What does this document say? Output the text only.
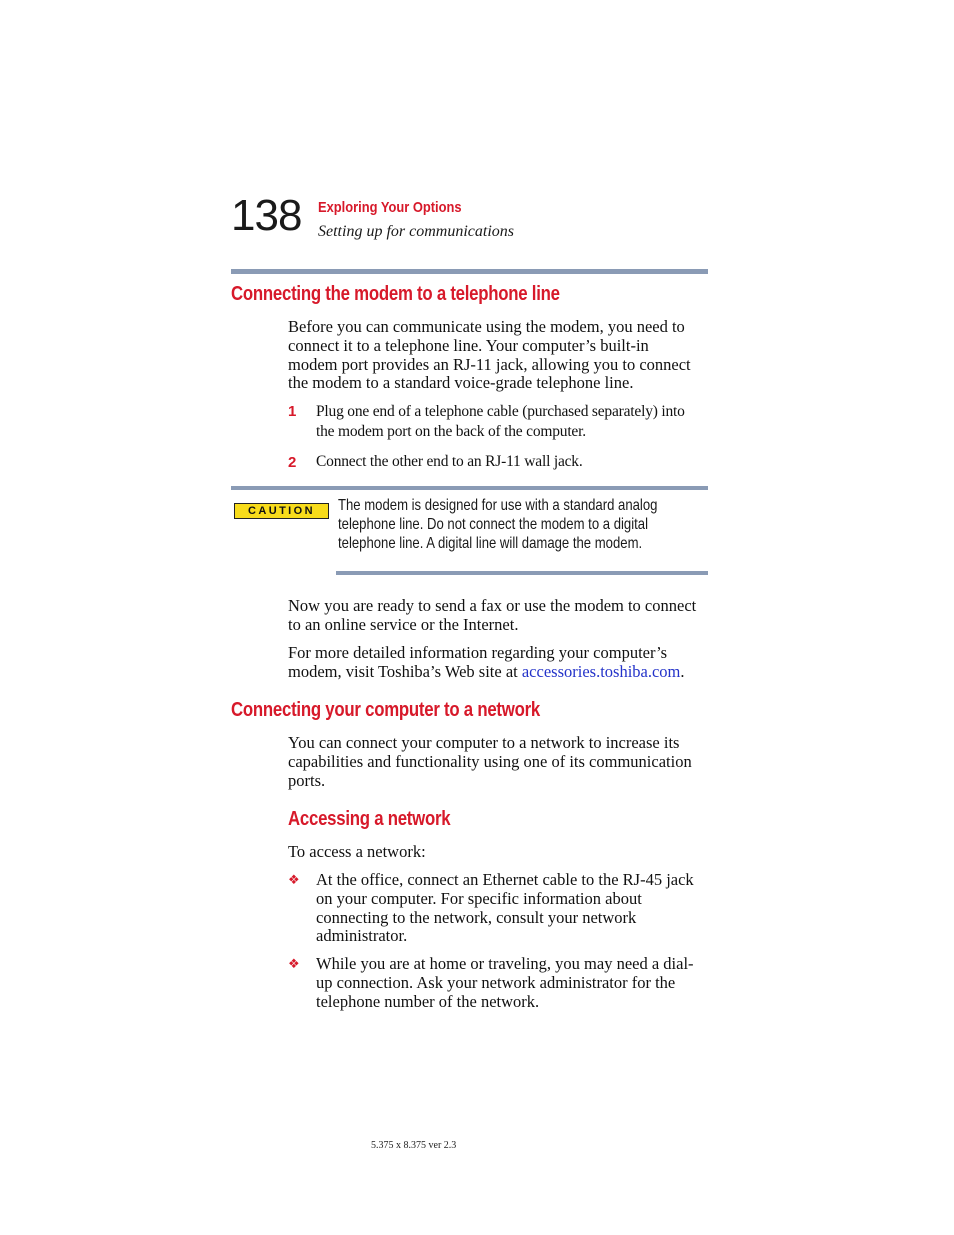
138 Exploring Your Options
Setting up for communications
Connecting the modem to a telephone line
Before you can communicate using the modem, you need to
connect it to a telephone line. Your computer’s built-in
modem port provides an RJ-11 jack, allowing you to connect
the modem to a standard voice-grade telephone line.
1 Plug one end of a telephone cable (purchased separately) into
the modem port on the back of the computer.
2 Connect the other end to an RJ-11 wall jack.
CAUTION	The modem is designed for use with a standard analog
telephone line. Do not connect the modem to a digital
telephone line. A digital line will damage the modem.
Now you are ready to send a fax or use the modem to connect
to an online service or the Internet.
For more detailed information regarding your computer’s
modem, visit Toshiba’s Web site at accessories.toshiba.com.
Connecting your computer to a network
You can connect your computer to a network to increase its
capabilities and functionality using one of its communication
ports.
Accessing a network
To access a network:
❖ At the office, connect an Ethernet cable to the RJ-45 jack
on your computer. For specific information about
connecting to the network, consult your network
administrator.
❖ While you are at home or traveling, you may need a dial-
up connection. Ask your network administrator for the
telephone number of the network.
5.375 x 8.375 ver 2.3
